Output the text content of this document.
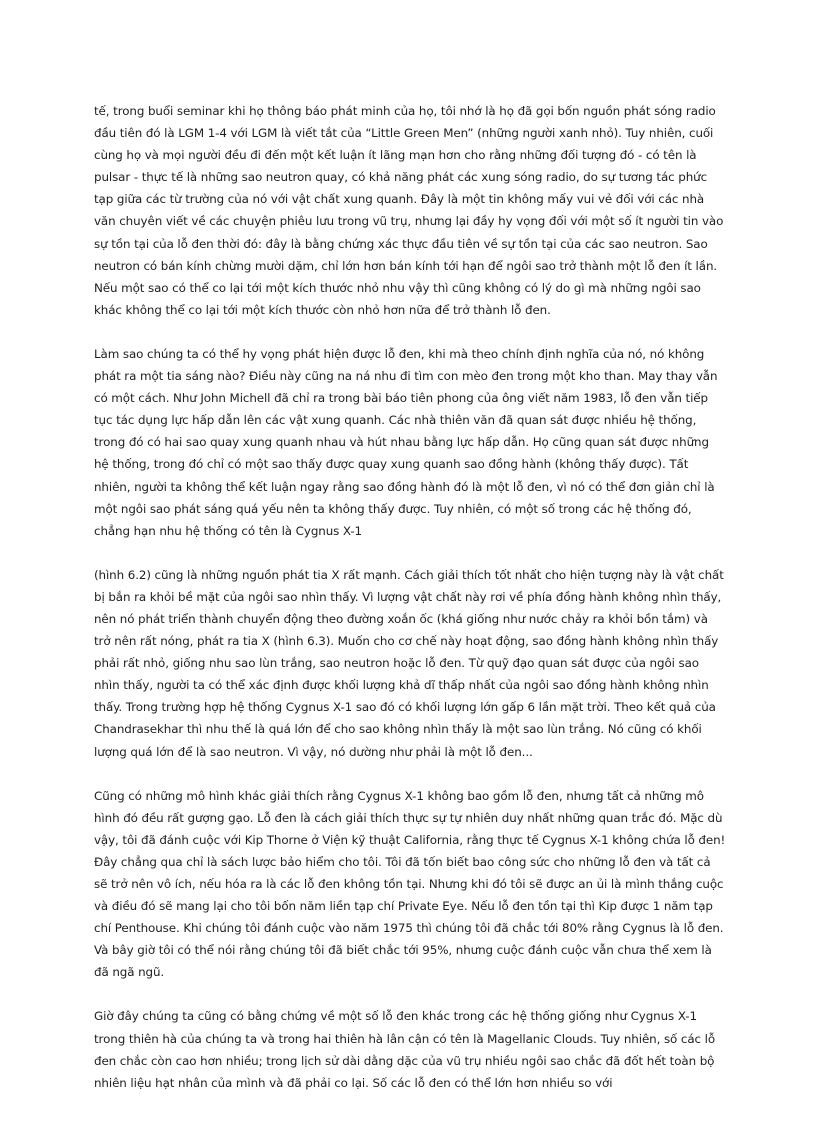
tế, trong buổi seminar khi họ thông báo phát minh của họ, tôi nhớ là họ đã gọi bốn nguồn phát sóng radio đầu tiên đó là LGM 1-4 với LGM là viết tắt của “Little Green Men” (những người xanh nhỏ). Tuy nhiên, cuối cùng họ và mọi người đều đi đến một kết luận ít lãng mạn hơn cho rằng những đối tượng đó - có tên là pulsar - thực tế là những sao neutron quay, có khả năng phát các xung sóng radio, do sự tương tác phức tạp giữa các từ trường của nó với vật chất xung quanh. Đây là một tin không mấy vui vẻ đối với các nhà văn chuyên viết về các chuyện phiêu lưu trong vũ trụ, nhưng lại đầy hy vọng đối với một số ít người tin vào sự tồn tại của lỗ đen thời đó: đây là bằng chứng xác thực đầu tiên về sự tồn tại của các sao neutron. Sao neutron có bán kính chừng mười dặm, chỉ lớn hơn bán kính tới hạn để ngôi sao trở thành một lỗ đen ít lần. Nếu một sao có thể co lại tới một kích thước nhỏ nhu vậy thì cũng không có lý do gì mà những ngôi sao khác không thể co lại tới một kích thước còn nhỏ hơn nữa để trở thành lỗ đen.

Làm sao chúng ta có thể hy vọng phát hiện được lỗ đen, khi mà theo chính định nghĩa của nó, nó không phát ra một tia sáng nào? Điều này cũng na ná nhu đi tìm con mèo đen trong một kho than. May thay vẫn có một cách. Như John Michell đã chỉ ra trong bài báo tiên phong của ông viết năm 1983, lỗ đen vẫn tiếp tục tác dụng lực hấp dẫn lên các vật xung quanh. Các nhà thiên văn đã quan sát được nhiều hệ thống, trong đó có hai sao quay xung quanh nhau và hút nhau bằng lực hấp dẫn. Họ cũng quan sát được những hệ thống, trong đó chỉ có một sao thấy được quay xung quanh sao đồng hành (không thấy được). Tất nhiên, người ta không thể kết luận ngay rằng sao đồng hành đó là một lỗ đen, vì nó có thể đơn giản chỉ là một ngôi sao phát sáng quá yếu nên ta không thấy được. Tuy nhiên, có một số trong các hệ thống đó, chẳng hạn nhu hệ thống có tên là Cygnus X-1

(hình 6.2) cũng là những nguồn phát tia X rất mạnh. Cách giải thích tốt nhất cho hiện tượng này là vật chất bị bắn ra khỏi bề mặt của ngôi sao nhìn thấy. Vì lượng vật chất này rơi về phía đồng hành không nhìn thấy, nên nó phát triển thành chuyển động theo đường xoắn ốc (khá giống như nước chảy ra khỏi bồn tắm) và trở nên rất nóng, phát ra tia X (hình 6.3). Muốn cho cơ chế này hoạt động, sao đồng hành không nhìn thấy phải rất nhỏ, giống nhu sao lùn trắng, sao neutron hoặc lỗ đen. Từ quỹ đạo quan sát được của ngôi sao nhìn thấy, người ta có thể xác định được khối lượng khả dĩ thấp nhất của ngôi sao đồng hành không nhìn thấy. Trong trường hợp hệ thống Cygnus X-1 sao đó có khối lượng lớn gấp 6 lần mặt trời. Theo kết quả của Chandrasekhar thì nhu thế là quá lớn để cho sao không nhìn thấy là một sao lùn trắng. Nó cũng có khối lượng quá lớn để là sao neutron. Vì vậy, nó dường như phải là một lỗ đen...

Cũng có những mô hình khác giải thích rằng Cygnus X-1 không bao gồm lỗ đen, nhưng tất cả những mô hình đó đều rất gượng gạo. Lỗ đen là cách giải thích thực sự tự nhiên duy nhất những quan trắc đó. Mặc dù vậy, tôi đã đánh cuộc với Kip Thorne ở Viện kỹ thuật California, rằng thực tế Cygnus X-1 không chứa lỗ đen! Đây chẳng qua chỉ là sách lược bảo hiểm cho tôi. Tôi đã tốn biết bao công sức cho những lỗ đen và tất cả sẽ trở nên vô ích, nếu hóa ra là các lỗ đen không tồn tại. Nhưng khi đó tôi sẽ được an ủi là mình thắng cuộc và điều đó sẽ mang lại cho tôi bốn năm liền tạp chí Private Eye. Nếu lỗ đen tồn tại thì Kip được 1 năm tạp chí Penthouse. Khi chúng tôi đánh cuộc vào năm 1975 thì chúng tôi đã chắc tới 80% rằng Cygnus là lỗ đen. Và bây giờ tôi có thể nói rằng chúng tôi đã biết chắc tới 95%, nhưng cuộc đánh cuộc vẫn chưa thể xem là đã ngã ngũ.

Giờ đây chúng ta cũng có bằng chứng về một số lỗ đen khác trong các hệ thống giống như Cygnus X-1 trong thiên hà của chúng ta và trong hai thiên hà lân cận có tên là Magellanic Clouds. Tuy nhiên, số các lỗ đen chắc còn cao hơn nhiều; trong lịch sử dài dằng dặc của vũ trụ nhiều ngôi sao chắc đã đốt hết toàn bộ nhiên liệu hạt nhân của mình và đã phải co lại. Số các lỗ đen có thể lớn hơn nhiều so với
